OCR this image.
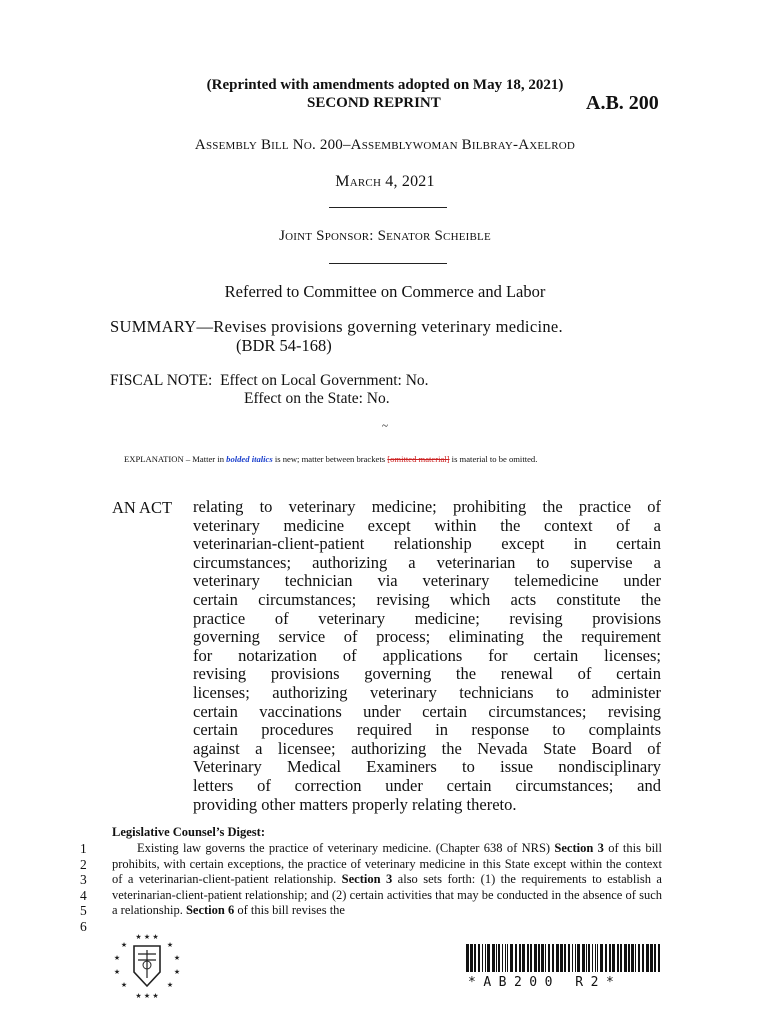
(Reprinted with amendments adopted on May 18, 2021)
SECOND REPRINT	A.B. 200
Assembly Bill No. 200–Assemblywoman Bilbray-Axelrod
March 4, 2021
Joint Sponsor: Senator Scheible
Referred to Committee on Commerce and Labor
SUMMARY—Revises provisions governing veterinary medicine.
(BDR 54-168)
FISCAL NOTE:  Effect on Local Government: No.
Effect on the State: No.
~
EXPLANATION – Matter in bolded italics is new; matter between brackets [omitted material] is material to be omitted.
AN ACT relating to veterinary medicine; prohibiting the practice of
veterinary medicine except within the context of a
veterinarian-client-patient relationship except in certain
circumstances; authorizing a veterinarian to supervise a
veterinary technician via veterinary telemedicine under
certain circumstances; revising which acts constitute the
practice of veterinary medicine; revising provisions
governing service of process; eliminating the requirement
for notarization of applications for certain licenses;
revising provisions governing the renewal of certain
licenses; authorizing veterinary technicians to administer
certain vaccinations under certain circumstances; revising
certain procedures required in response to complaints
against a licensee; authorizing the Nevada State Board of
Veterinary Medical Examiners to issue nondisciplinary
letters of correction under certain circumstances; and
providing other matters properly relating thereto.
Legislative Counsel’s Digest:
1
2
3
4
5
6

Existing law governs the practice of veterinary medicine. (Chapter 638 of NRS) Section 3 of this bill prohibits, with certain exceptions, the practice of veterinary medicine in this State except within the context of a veterinarian-client-patient relationship. Section 3 also sets forth: (1) the requirements to establish a veterinarian-client-patient relationship; and (2) certain activities that may be conducted in the absence of such a relationship. Section 6 of this bill revises the

★ ★ ★
★	★
★	★
★	★
★	★
★ ★ ★
*AB200 R2*
